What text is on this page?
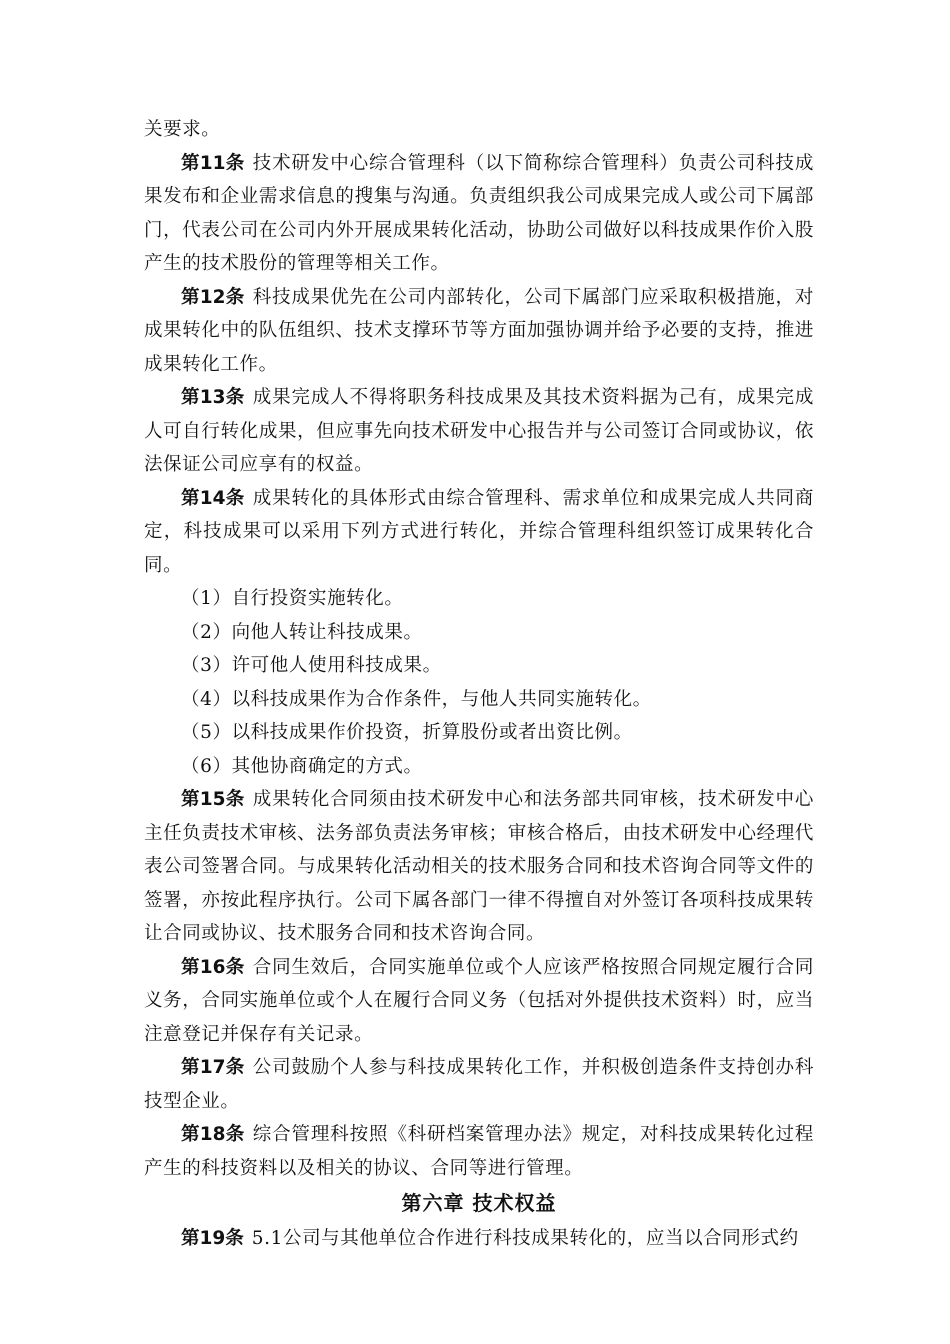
关要求。

第11条 技术研发中心综合管理科（以下简称综合管理科）负责公司科技成果发布和企业需求信息的搜集与沟通。负责组织我公司成果完成人或公司下属部门，代表公司在公司内外开展成果转化活动，协助公司做好以科技成果作价入股产生的技术股份的管理等相关工作。

第12条 科技成果优先在公司内部转化，公司下属部门应采取积极措施，对成果转化中的队伍组织、技术支撑环节等方面加强协调并给予必要的支持，推进成果转化工作。

第13条 成果完成人不得将职务科技成果及其技术资料据为己有，成果完成人可自行转化成果，但应事先向技术研发中心报告并与公司签订合同或协议，依法保证公司应享有的权益。

第14条 成果转化的具体形式由综合管理科、需求单位和成果完成人共同商定，科技成果可以采用下列方式进行转化，并综合管理科组织签订成果转化合同。

（1）自行投资实施转化。

（2）向他人转让科技成果。

（3）许可他人使用科技成果。

（4）以科技成果作为合作条件，与他人共同实施转化。

（5）以科技成果作价投资，折算股份或者出资比例。

（6）其他协商确定的方式。

第15条 成果转化合同须由技术研发中心和法务部共同审核，技术研发中心主任负责技术审核、法务部负责法务审核；审核合格后，由技术研发中心经理代表公司签署合同。与成果转化活动相关的技术服务合同和技术咨询合同等文件的签署，亦按此程序执行。公司下属各部门一律不得擅自对外签订各项科技成果转让合同或协议、技术服务合同和技术咨询合同。

第16条 合同生效后，合同实施单位或个人应该严格按照合同规定履行合同义务，合同实施单位或个人在履行合同义务（包括对外提供技术资料）时，应当注意登记并保存有关记录。

第17条 公司鼓励个人参与科技成果转化工作，并积极创造条件支持创办科技型企业。

第18条 综合管理科按照《科研档案管理办法》规定，对科技成果转化过程产生的科技资料以及相关的协议、合同等进行管理。

第六章 技术权益

第19条 5.1公司与其他单位合作进行科技成果转化的，应当以合同形式约
